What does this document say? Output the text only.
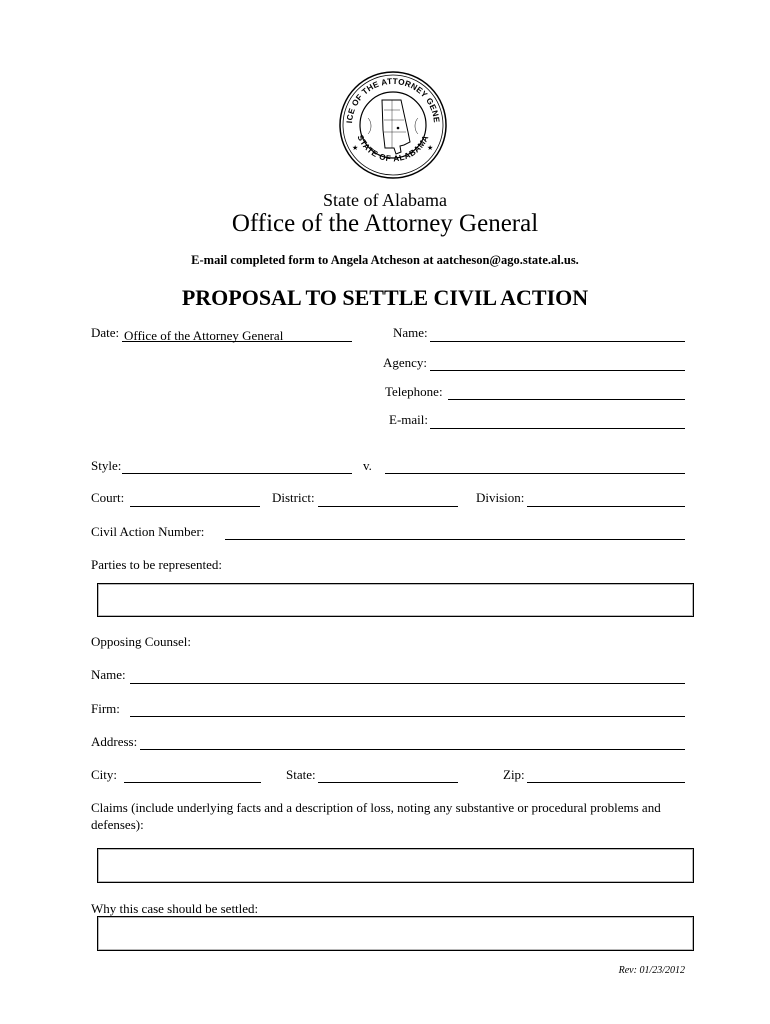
ICE OF THE ATTORNEY GENE
STATE OF ALABAMA
★	★
State of Alabama
Office of the Attorney General
E-mail completed form to Angela Atcheson at aatcheson@ago.state.al.us.
PROPOSAL TO SETTLE CIVIL ACTION
Date: Office of the Attorney General	Name:
Agency:
Telephone:
E-mail:
Style:	v.
Court:	District:	Division:
Civil Action Number:
Parties to be represented:
Opposing Counsel:
Name:
Firm:
Address:
City:	State:	Zip:
Claims (include underlying facts and a description of loss, noting any substantive or procedural problems and defenses):
Why this case should be settled:
Rev: 01/23/2012
